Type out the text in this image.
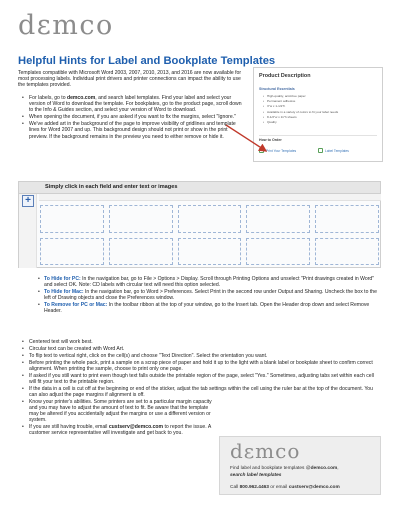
dεmco
Helpful Hints for Label and Bookplate Templates
Templates compatible with Microsoft Word 2003, 2007, 2010, 2013, and 2016 are now available for most processing labels. Individual print drivers and printer connections can impact the ability to use the templates provided.
• For labels, go to demco.com, and search label templates. Find your label and select your version of Word to download the template. For bookplates, go to the product page, scroll down to the Info & Guides section, and select your version of Word to download.
• When opening the document, if you are asked if you want to fix the margins, select "Ignore."
• We've added art in the background of the page to improve visibility of gridlines and template lines for Word 2007 and up. This background design should not print or show in the print preview. If the background remains in the preview you need to either remove or hide it.
Product Description
Structural Essentials
• High-quality, acid-free paper
• Permanent adhesive
• 3"w x 1-1/2"h
• Available in a variety of colors to fit your label needs
• 8-1/2"w x 11"h sheets
• Quality
How to Order
Print Your Templates	Label Templates
Simply click in each field and enter text or images
+
• To Hide for PC: In the navigation bar, go to File > Options > Display. Scroll through Printing Options and unselect "Print drawings created in Word" and select OK. Note: CD labels with circular text will need this option selected.
• To Hide for Mac: In the navigation bar, go to Word > Preferences. Select Print in the second row under Output and Sharing. Uncheck the box to the left of Drawing objects and close the Preferences window.
• To Remove for PC or Mac: In the toolbar ribbon at the top of your window, go to the Insert tab. Open the Header drop down and select Remove Header.
• Centered text will work best.
• Circular text can be created with Word Art.
• To flip text to vertical right, click on the cell(s) and choose "Text Direction". Select the orientation you want.
• Before printing the whole pack, print a sample on a scrap piece of paper and hold it up to the light with a blank label or bookplate sheet to confirm correct alignment. When printing the sample, choose to print only one page.
• If asked if you still want to print even though text falls outside the printable region of the page, select "Yes." Sometimes, adjusting tabs set within each cell will fit your text to the printable region.
• If the data in a cell is cut off at the beginning or end of the sticker, adjust the tab settings within the cell using the ruler bar at the top of the document. You can also adjust the page margins if alignment is off.
• Know your printer's abilities. Some printers are set to a particular margin capacity and you may have to adjust the amount of text to fit. Be aware that the template may be altered if you accidentally adjust the margins or use a different version or system.
• If you are still having trouble, email custserv@demco.com to report the issue. A customer service representative will investigate and get back to you.
dεmco
Find label and bookplate templates @demco.com,
search label templates
Call 800.962.4463 or email custserv@demco.com
